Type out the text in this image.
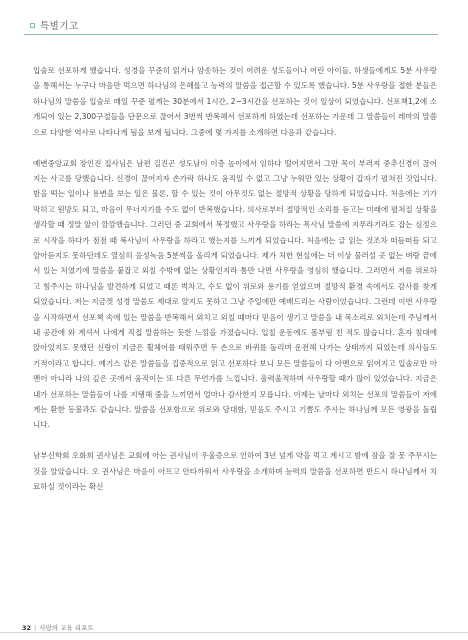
특별기고

입술로 선포하게 했습니다. 성경을 꾸준히 읽거나 암송하는 것이 어려운 성도들이나 어린 아이들, 하생들에게도 5분 사우랑을 통해서는 누구나 마음만 먹으면 하나님의 은혜롭고 능력의 말씀을 접근할 수 있도록 했습니다. 5분 사우랑을 접한 분들은 하나님의 말씀을 입술로 매일 꾸준 펼게는 30분에서 1시간, 2~3시간을 선포하는 것이 일상이 되었습니다. 선포책1,2에 소개되어 있는 2,300구절들을 단문으로 끊어서 3번씩 반복해서 선포하게 하였는데 선포하는 가운데 그 말씀들이 레마의 말씀으로 다양한 역사로 나타나게 됨을 보게 됩니다. 그중에 몇 가지를 소개하면 다음과 같습니다.

예변중앙교회 장인진 집사님은 남편 길진곤 성도님이 이층 높이에서 임하다 떨어지면서 그만 목이 부러져 중추신경이 끊어지는 사고를 당했습니다. 신경이 끊어지자 손가락 하나도 움직일 수 없고 그냥 누워만 있는 상황이 갑자기 펼쳐진 것입니다. 밤을 떡는 일이나 용변을 보는 일은 물론, 할 수 있는 것이 아무것도 없는 절망적 상황을 당하게 되었습니다. 처음에는 기가 막히고 원망도 되고, 마음이 무너지기를 수도 없이 반복했습니다. 의사로부터 절망적인 소리를 듣고는 미래에 펼쳐질 상황을 생각할 때 정말 앞이 깜깜했습니다. 그러던 중 교회에서 복정했고 사우랑을 하라는 목사님 말씀에 지푸라기라도 잡는 심정으로 시작을 하다가 점점 때 복사님이 사우랑을 하라고 했는지를 느끼게 되었습니다. 처음에는 글 읽는 것조차 떠듬떠듬 되고 알아듣지도 못하던데도 열심히 음성녹음 5분씩을 올리게 되었습니다. 제가 처한 현실에는 더 이상 물러설 곳 없는 벼랑 끝에 서 있는 처였기에 말씀을 붙잡고 외칠 수밖에 없는 상황인지라 틈만 나면 사우랑을 영심히 했습니다. 그러면서 저를 위로하고 힘주시는 하나님을 발견하게 되었고 때론 벅차고, 수도 없이 위로와 용기를 얻었으며 절망적 환경 속에서도 감사를 찾게 되었습니다. 저는 지금껏 성경 말씀도 제대로 알지도 못하고 그냥 주일에만 예배드리는 사람이었습니다. 그런데 이번 사우랑을 시작하면서 선포책 속에 있는 말씀을 반복해서 외치고 외칠 때마다 믿음이 생기고 말씀을 내 목소리로 외치는데 주님께서 내 공간에 와 계셔서 나에게 직접 말씀하는 듯한 느낌을 가졌습니다. 입칠 운동에도 몸부림 친 적도 많습니다. 혼자 침대에 앉아있지도 못했던 신랑이 지금은 휠체어를 태워주면 두 손으로 바퀴를 돌리며 운전해 나가는 상태까지 되었는데 의사들도 기적이라고 합니다. 예기스 같은 말씀들을 집중적으로 읽고 선포하다 보니 모든 말씀들이 다 아멘으로 읽어지고 입술로만 아멘이 아니라 나의 깊은 곳에서 움직이는 또 다른 무언가를 느낍니다. 울력울적하며 사우랑할 때가 많이 있었습니다. 지금은 내가 선포하는 말씀들이 나를 지탱해 줌을 느끼면서 얼마나 감사한지 모릅니다. 이제는 날마다 외치는 선포의 말씀들이 저에게는 환한 등불과도 같습니다. 말씀을 선포함으로 위로와 담대함, 믿음도 주시고 기쁨도 주시는 하나님께 모든 영광을 돌립니다.

남부신학회 오화희 권사님은 교회에 아는 권사님이 우울증으로 인하여 3년 넘게 약을 먹고 계시고 밤에 잠을 잘 못 주무시는 것을 알았습니다. 오 권사님은 마음이 아프고 안타까워서 사우랑을 소개하며 능력의 말씀을 선포하면 반드시 하나님께서 치료하실 것이라는 확신

32 | 사랑의 교육 리포트
